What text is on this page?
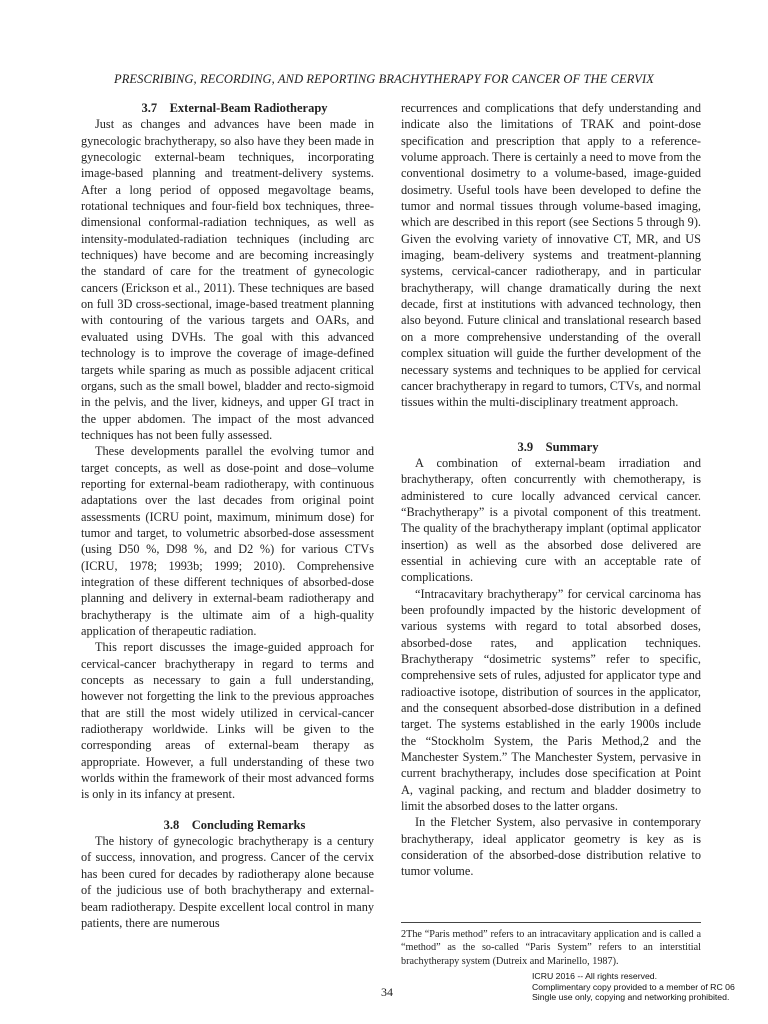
PRESCRIBING, RECORDING, AND REPORTING BRACHYTHERAPY FOR CANCER OF THE CERVIX

3.7 External-Beam Radiotherapy

Just as changes and advances have been made in gynecologic brachytherapy, so also have they been made in gynecologic external-beam techniques, incorporating image-based planning and treatment-delivery systems. After a long period of opposed megavoltage beams, rotational techniques and four-field box techniques, three-dimensional conformal-radiation techniques, as well as intensity-modulated-radiation techniques (including arc techniques) have become and are becoming increasingly the standard of care for the treatment of gynecologic cancers (Erickson et al., 2011). These techniques are based on full 3D cross-sectional, image-based treatment planning with contouring of the various targets and OARs, and evaluated using DVHs. The goal with this advanced technology is to improve the coverage of image-defined targets while sparing as much as possible adjacent critical organs, such as the small bowel, bladder and recto-sigmoid in the pelvis, and the liver, kidneys, and upper GI tract in the upper abdomen. The impact of the most advanced techniques has not been fully assessed.

These developments parallel the evolving tumor and target concepts, as well as dose-point and dose–volume reporting for external-beam radiotherapy, with continuous adaptations over the last decades from original point assessments (ICRU point, maximum, minimum dose) for tumor and target, to volumetric absorbed-dose assessment (using D50 %, D98 %, and D2 %) for various CTVs (ICRU, 1978; 1993b; 1999; 2010). Comprehensive integration of these different techniques of absorbed-dose planning and delivery in external-beam radiotherapy and brachytherapy is the ultimate aim of a high-quality application of therapeutic radiation.

This report discusses the image-guided approach for cervical-cancer brachytherapy in regard to terms and concepts as necessary to gain a full understanding, however not forgetting the link to the previous approaches that are still the most widely utilized in cervical-cancer radiotherapy worldwide. Links will be given to the corresponding areas of external-beam therapy as appropriate. However, a full understanding of these two worlds within the framework of their most advanced forms is only in its infancy at present.

3.8 Concluding Remarks

The history of gynecologic brachytherapy is a century of success, innovation, and progress. Cancer of the cervix has been cured for decades by radiotherapy alone because of the judicious use of both brachytherapy and external-beam radiotherapy. Despite excellent local control in many patients, there are numerous

recurrences and complications that defy understanding and indicate also the limitations of TRAK and point-dose specification and prescription that apply to a reference-volume approach. There is certainly a need to move from the conventional dosimetry to a volume-based, image-guided dosimetry. Useful tools have been developed to define the tumor and normal tissues through volume-based imaging, which are described in this report (see Sections 5 through 9). Given the evolving variety of innovative CT, MR, and US imaging, beam-delivery systems and treatment-planning systems, cervical-cancer radiotherapy, and in particular brachytherapy, will change dramatically during the next decade, first at institutions with advanced technology, then also beyond. Future clinical and translational research based on a more comprehensive understanding of the overall complex situation will guide the further development of the necessary systems and techniques to be applied for cervical cancer brachytherapy in regard to tumors, CTVs, and normal tissues within the multi-disciplinary treatment approach.

3.9 Summary

A combination of external-beam irradiation and brachytherapy, often concurrently with chemotherapy, is administered to cure locally advanced cervical cancer. “Brachytherapy” is a pivotal component of this treatment. The quality of the brachytherapy implant (optimal applicator insertion) as well as the absorbed dose delivered are essential in achieving cure with an acceptable rate of complications.

“Intracavitary brachytherapy” for cervical carcinoma has been profoundly impacted by the historic development of various systems with regard to total absorbed doses, absorbed-dose rates, and application techniques. Brachytherapy “dosimetric systems” refer to specific, comprehensive sets of rules, adjusted for applicator type and radioactive isotope, distribution of sources in the applicator, and the consequent absorbed-dose distribution in a defined target. The systems established in the early 1900s include the “Stockholm System, the Paris Method,2 and the Manchester System.” The Manchester System, pervasive in current brachytherapy, includes dose specification at Point A, vaginal packing, and rectum and bladder dosimetry to limit the absorbed doses to the latter organs.

In the Fletcher System, also pervasive in contemporary brachytherapy, ideal applicator geometry is key as is consideration of the absorbed-dose distribution relative to tumor volume.

2The “Paris method” refers to an intracavitary application and is called a “method” as the so-called “Paris System” refers to an interstitial brachytherapy system (Dutreix and Marinello, 1987).
34
ICRU 2016 -- All rights reserved.
Complimentary copy provided to a member of RC 06
Single use only, copying and networking prohibited.
